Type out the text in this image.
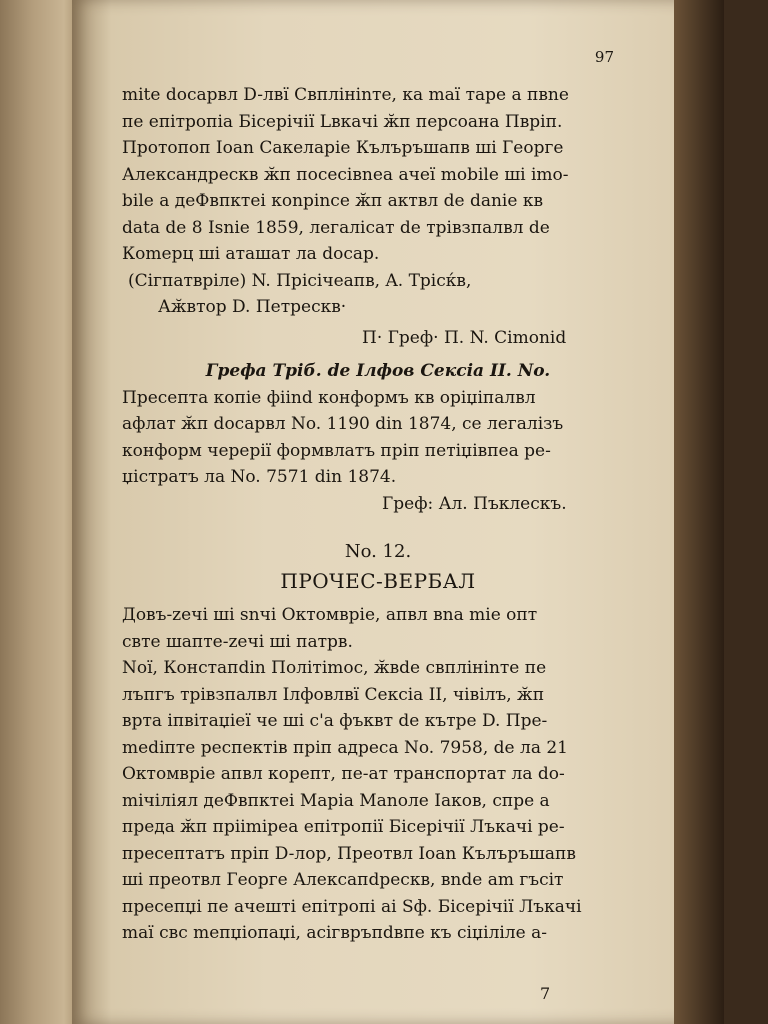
97
mite docарвл D-лвї Свплініnте, ка maї таре а пвne
пе епітропіа Бісерічії Lвкачі ӂп персоана Пвріп.
Протопоп Ioan Сакеларіе Кълъръшапв ші Георге
Александрескв ӂп посесівnea ачеї mobile ші imo-
bile а деФвпктеі коnpince ӂп актвл de danie кв
data de 8 Iѕnie 1859, легалісат de трівзпалвл de
Коmерц ші аташат ла docар.
(Сігпатвріле) N. Прісічеапв, A. Трісќв,
Аӂвтор D. Петрескв·
П· Греф· П. N. Cimonid
Грефа Тріб. de Ілфов Сексіа II. No.
Пресепта копіе фііnd конформъ кв оріџіпалвл
афлат ӂп docарвл No. 1190 din 1874, се легалізъ
конформ черерії формвлатъ пріп петіџівпеа ре-
џістратъ ла No. 7571 din 1874.
Греф: Ал. Пъклескъ.
No. 12.
ПРОЧЕС-ВЕРБАЛ
Довъ-zeчі ші ѕnчі Октомвріе, апвл вna mie опт
свте шапте-zeчі ші патрв.
Noї, Констапdin Політimос, ӂвde свплініnте пе
лъпгъ трівзпалвл Ілфовлвї Сексіа II, чівілъ, ӂп
врта іпвітаџіеї че ші с'а фъквт de кътре D. Пре-
mediпте респектів пріп адреса No. 7958, de ла 21
Октомвріе апвл корепт, пе-ат транспортат ла do-
mічіліял деФвпктеі Маріа Маnoле Іаков, спре а
преда ӂп прііmіреа епітропії Бісерічії Лъкачі ре-
пресептатъ пріп D-лор, Преотвл Ioan Кълъръшапв
ші преотвл Георге Алексапdрескв, вnde am гъсіт
пресепџі пе ачешті епітропі аі Sф. Бісерічії Лъкачі
maї свс mепџіопаџі, асігвръпdвпе къ сіџіліле а-
7
